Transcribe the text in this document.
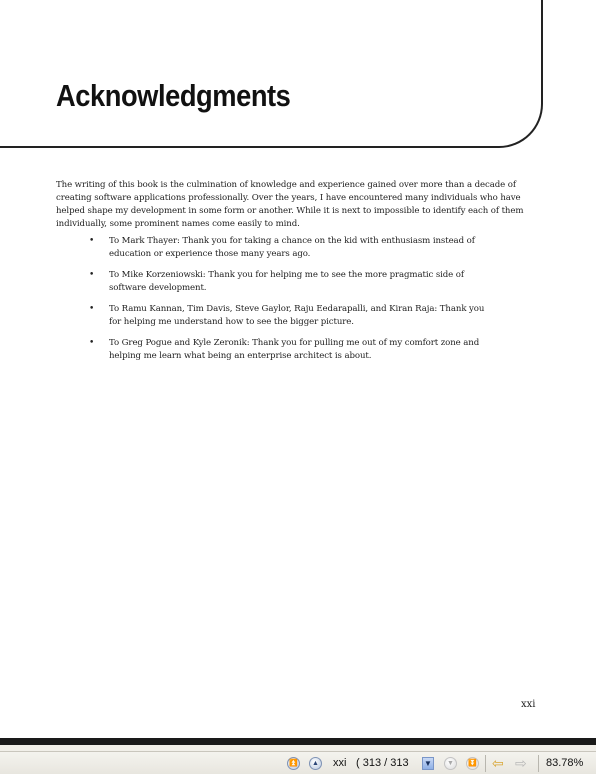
Acknowledgments

The writing of this book is the culmination of knowledge and experience gained over more than a decade of creating software applications professionally. Over the years, I have encountered many individuals who have helped shape my development in some form or another. While it is next to impossible to identify each of them individually, some prominent names come easily to mind.

• To Mark Thayer: Thank you for taking a chance on the kid with enthusiasm instead of education or experience those many years ago.
• To Mike Korzeniowski: Thank you for helping me to see the more pragmatic side of software development.
• To Ramu Kannan, Tim Davis, Steve Gaylor, Raju Eedarapalli, and Kiran Raja: Thank you for helping me understand how to see the bigger picture.
• To Greg Pogue and Kyle Zeronik: Thank you for pulling me out of my comfort zone and helping me learn what being an enterprise architect is about.
xxi
⏫	▲ xxi ( 313 / 313 ▼	▼	⏬ ⇦ ⇨ 83.78%
